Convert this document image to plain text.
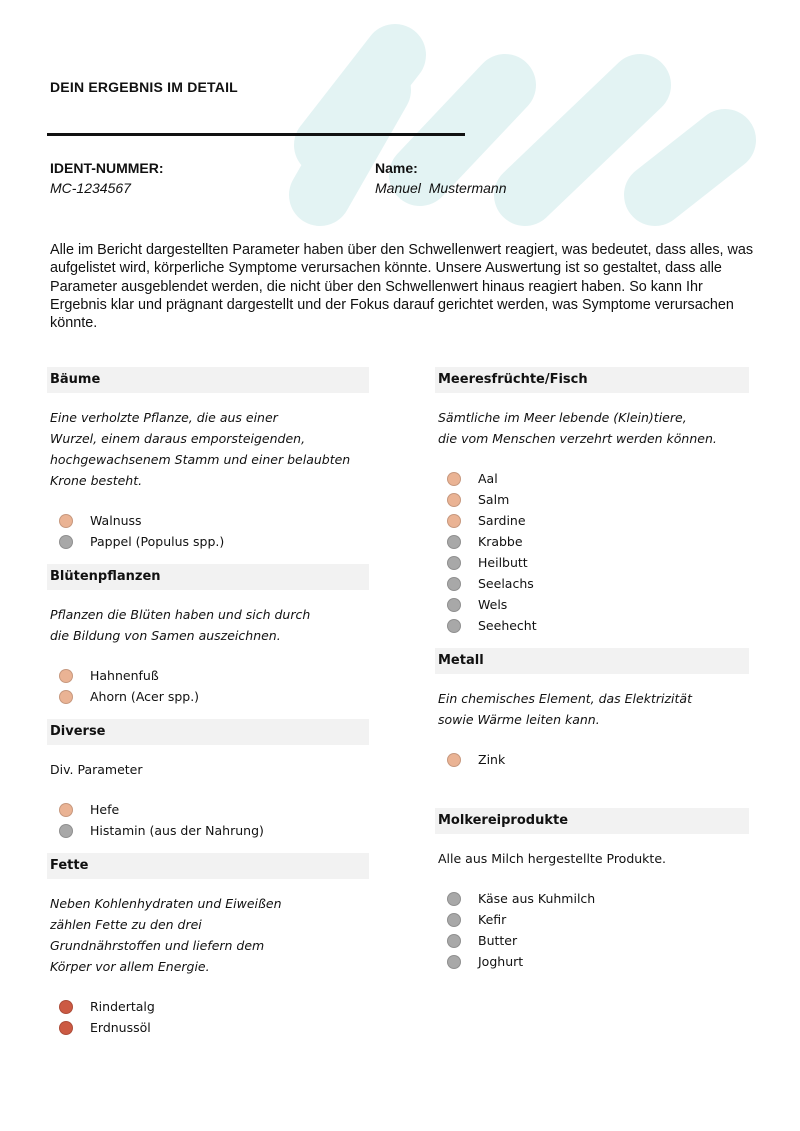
DEIN ERGEBNIS IM DETAIL
IDENT-NUMMER:
MC-1234567
Name:
Manuel  Mustermann
Alle im Bericht dargestellten Parameter haben über den Schwellenwert reagiert, was bedeutet, dass alles, was aufgelistet wird, körperliche Symptome verursachen könnte. Unsere Auswertung ist so gestaltet, dass alle Parameter ausgeblendet werden, die nicht über den Schwellenwert hinaus reagiert haben. So kann Ihr Ergebnis klar und prägnant dargestellt und der Fokus darauf gerichtet werden, was Symptome verursachen könnte.
Bäume
Eine verholzte Pflanze, die aus einer
Wurzel, einem daraus emporsteigenden,
hochgewachsenem Stamm und einer belaubten
Krone besteht.
Walnuss
Pappel (Populus spp.)
Blütenpflanzen
Pflanzen die Blüten haben und sich durch
die Bildung von Samen auszeichnen.
Hahnenfuß
Ahorn (Acer spp.)
Diverse
Div. Parameter
Hefe
Histamin (aus der Nahrung)
Fette
Neben Kohlenhydraten und Eiweißen
zählen Fette zu den drei
Grundnährstoffen und liefern dem
Körper vor allem Energie.
Rindertalg
Erdnussöl
Meeresfrüchte/Fisch
Sämtliche im Meer lebende (Klein)tiere,
die vom Menschen verzehrt werden können.
Aal
Salm
Sardine
Krabbe
Heilbutt
Seelachs
Wels
Seehecht
Metall
Ein chemisches Element, das Elektrizität
sowie Wärme leiten kann.
Zink
Molkereiprodukte
Alle aus Milch hergestellte Produkte.
Käse aus Kuhmilch
Kefir
Butter
Joghurt
